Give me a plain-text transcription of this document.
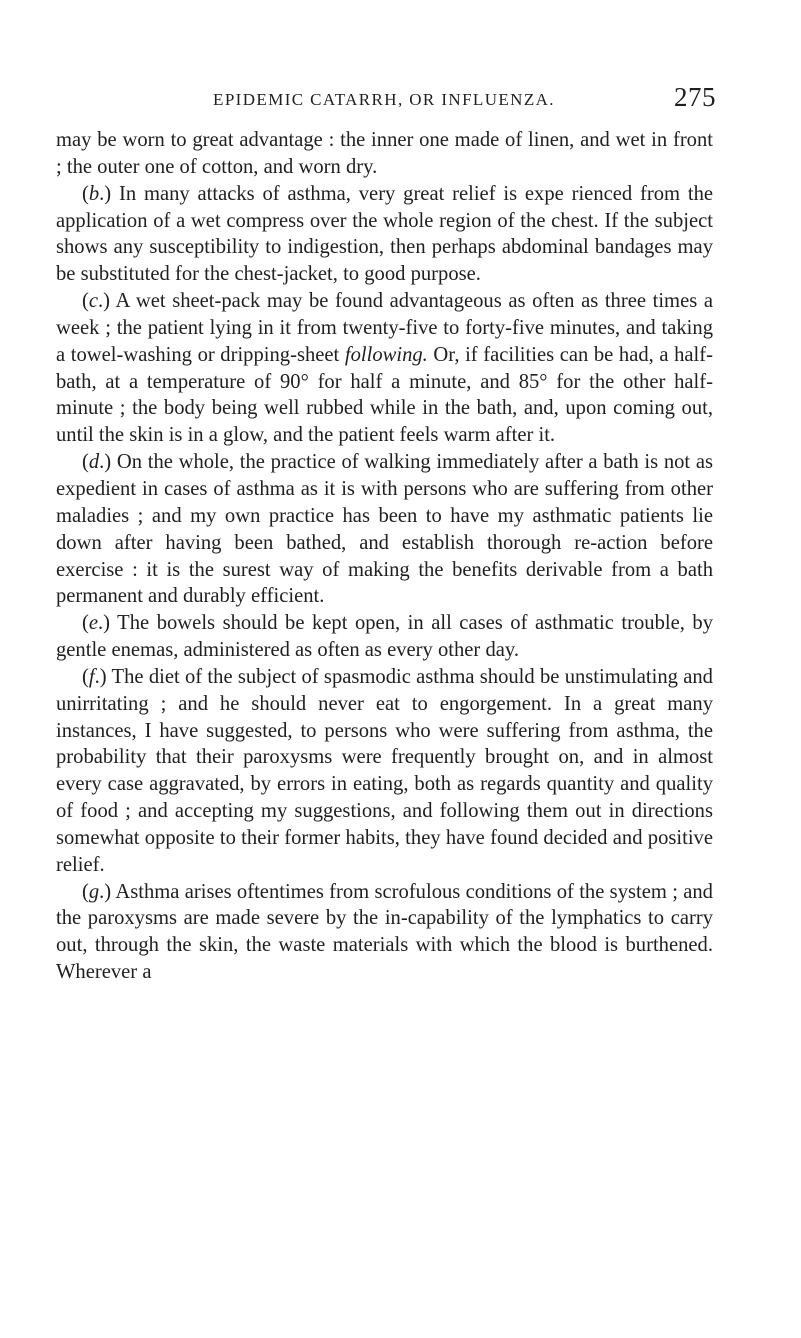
EPIDEMIC CATARRH, OR INFLUENZA.	275

may be worn to great advantage : the inner one made of linen, and wet in front ; the outer one of cotton, and worn dry.

(b.) In many attacks of asthma, very great relief is expe rienced from the application of a wet compress over the whole region of the chest. If the subject shows any susceptibility to indigestion, then perhaps abdominal bandages may be substituted for the chest-jacket, to good purpose.

(c.) A wet sheet-pack may be found advantageous as often as three times a week ; the patient lying in it from twenty-five to forty-five minutes, and taking a towel-washing or dripping-sheet following. Or, if facilities can be had, a half-bath, at a temperature of 90° for half a minute, and 85° for the other half-minute ; the body being well rubbed while in the bath, and, upon coming out, until the skin is in a glow, and the patient feels warm after it.

(d.) On the whole, the practice of walking immediately after a bath is not as expedient in cases of asthma as it is with persons who are suffering from other maladies ; and my own practice has been to have my asthmatic patients lie down after having been bathed, and establish thorough re-action before exercise : it is the surest way of making the benefits derivable from a bath permanent and durably efficient.

(e.) The bowels should be kept open, in all cases of asthmatic trouble, by gentle enemas, administered as often as every other day.

(f.) The diet of the subject of spasmodic asthma should be unstimulating and unirritating ; and he should never eat to engorgement. In a great many instances, I have suggested, to persons who were suffering from asthma, the probability that their paroxysms were frequently brought on, and in almost every case aggravated, by errors in eating, both as regards quantity and quality of food ; and accepting my suggestions, and following them out in directions somewhat opposite to their former habits, they have found decided and positive relief.

(g.) Asthma arises oftentimes from scrofulous conditions of the system ; and the paroxysms are made severe by the in-capability of the lymphatics to carry out, through the skin, the waste materials with which the blood is burthened. Wherever a
